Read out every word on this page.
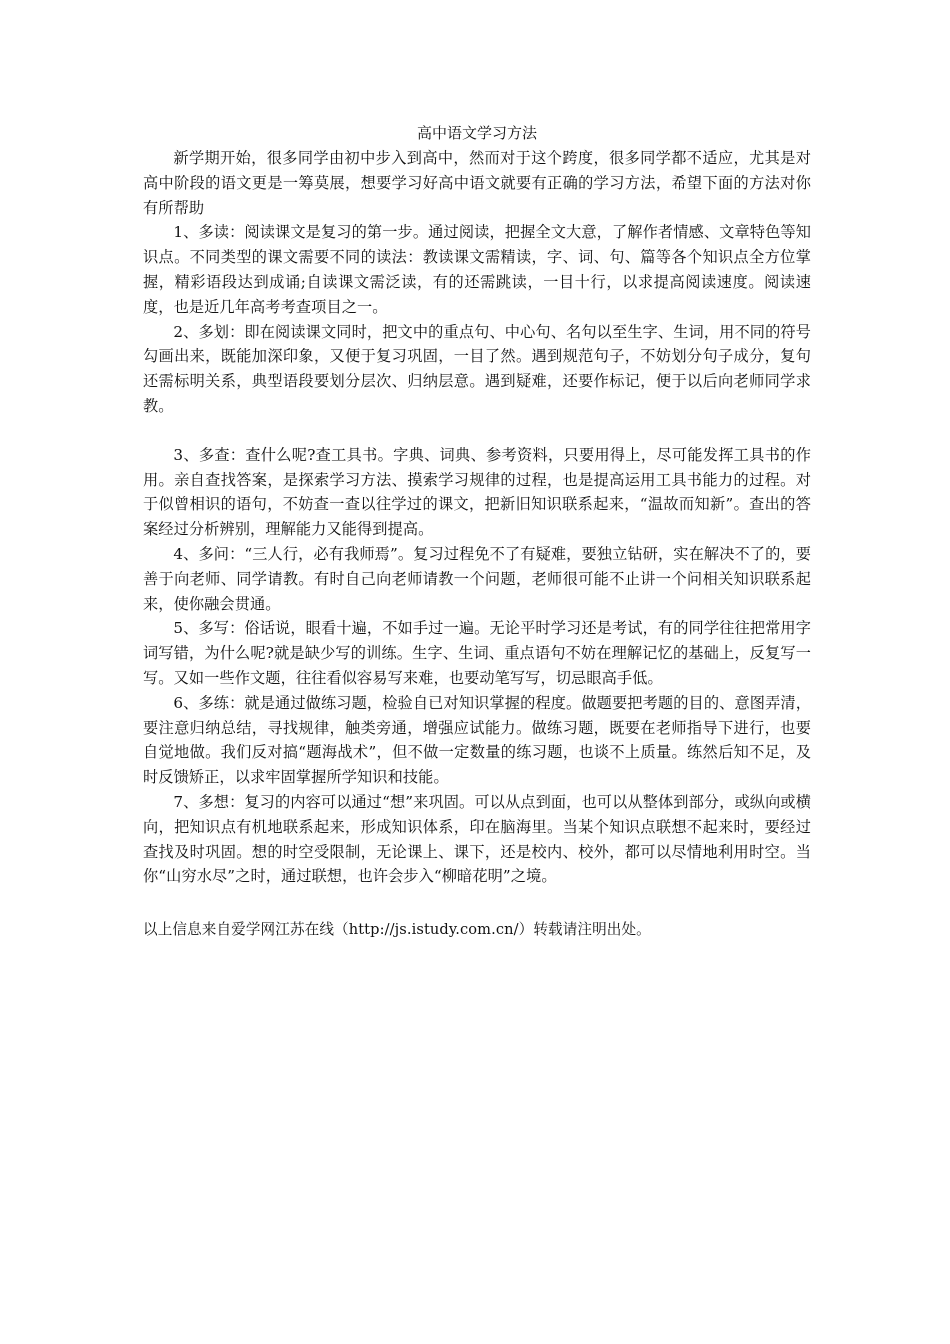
高中语文学习方法

新学期开始，很多同学由初中步入到高中，然而对于这个跨度，很多同学都不适应，尤其是对高中阶段的语文更是一筹莫展，想要学习好高中语文就要有正确的学习方法，希望下面的方法对你有所帮助

1、多读：阅读课文是复习的第一步。通过阅读，把握全文大意，了解作者情感、文章特色等知识点。不同类型的课文需要不同的读法：教读课文需精读，字、词、句、篇等各个知识点全方位掌握，精彩语段达到成诵;自读课文需泛读，有的还需跳读，一目十行，以求提高阅读速度。阅读速度，也是近几年高考考查项目之一。

2、多划：即在阅读课文同时，把文中的重点句、中心句、名句以至生字、生词，用不同的符号勾画出来，既能加深印象，又便于复习巩固，一目了然。遇到规范句子，不妨划分句子成分，复句还需标明关系，典型语段要划分层次、归纳层意。遇到疑难，还要作标记，便于以后向老师同学求教。

3、多查：查什么呢?查工具书。字典、词典、参考资料，只要用得上，尽可能发挥工具书的作用。亲自查找答案，是探索学习方法、摸索学习规律的过程，也是提高运用工具书能力的过程。对于似曾相识的语句，不妨查一查以往学过的课文，把新旧知识联系起来，“温故而知新”。查出的答案经过分析辨别，理解能力又能得到提高。

4、多问：“三人行，必有我师焉”。复习过程免不了有疑难，要独立钻研，实在解决不了的，要善于向老师、同学请教。有时自己向老师请教一个问题，老师很可能不止讲一个问相关知识联系起来，使你融会贯通。

5、多写：俗话说，眼看十遍，不如手过一遍。无论平时学习还是考试，有的同学往往把常用字词写错，为什么呢?就是缺少写的训练。生字、生词、重点语句不妨在理解记忆的基础上，反复写一写。又如一些作文题，往往看似容易写来难，也要动笔写写，切忌眼高手低。

6、多练：就是通过做练习题，检验自已对知识掌握的程度。做题要把考题的目的、意图弄清，要注意归纳总结，寻找规律，触类旁通，增强应试能力。做练习题，既要在老师指导下进行，也要自觉地做。我们反对搞“题海战术”，但不做一定数量的练习题，也谈不上质量。练然后知不足，及时反馈矫正，以求牢固掌握所学知识和技能。

7、多想：复习的内容可以通过“想”来巩固。可以从点到面，也可以从整体到部分，或纵向或横向，把知识点有机地联系起来，形成知识体系，印在脑海里。当某个知识点联想不起来时，要经过查找及时巩固。想的时空受限制，无论课上、课下，还是校内、校外，都可以尽情地利用时空。当你“山穷水尽”之时，通过联想，也许会步入“柳暗花明”之境。

以上信息来自爱学网江苏在线（http://js.istudy.com.cn/）转载请注明出处。
